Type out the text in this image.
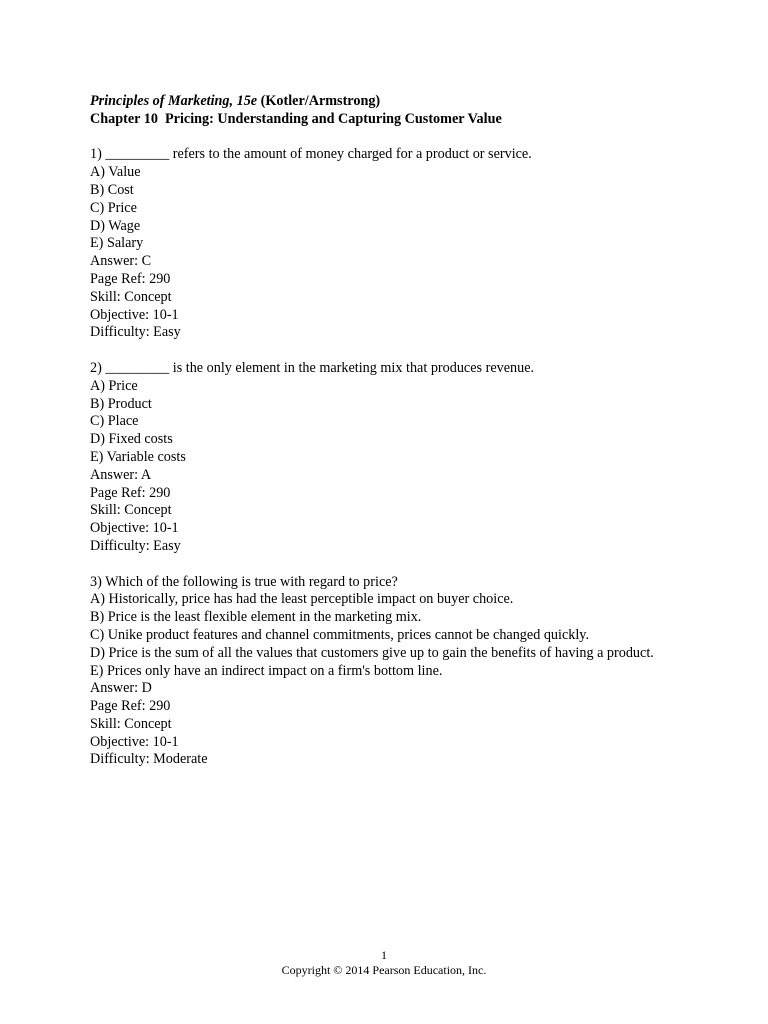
Principles of Marketing, 15e (Kotler/Armstrong)
Chapter 10 Pricing: Understanding and Capturing Customer Value
1) _________ refers to the amount of money charged for a product or service.
A) Value
B) Cost
C) Price
D) Wage
E) Salary
Answer: C
Page Ref: 290
Skill: Concept
Objective: 10-1
Difficulty: Easy
2) _________ is the only element in the marketing mix that produces revenue.
A) Price
B) Product
C) Place
D) Fixed costs
E) Variable costs
Answer: A
Page Ref: 290
Skill: Concept
Objective: 10-1
Difficulty: Easy
3) Which of the following is true with regard to price?
A) Historically, price has had the least perceptible impact on buyer choice.
B) Price is the least flexible element in the marketing mix.
C) Unike product features and channel commitments, prices cannot be changed quickly.
D) Price is the sum of all the values that customers give up to gain the benefits of having a product.
E) Prices only have an indirect impact on a firm's bottom line.
Answer: D
Page Ref: 290
Skill: Concept
Objective: 10-1
Difficulty: Moderate
1
Copyright © 2014 Pearson Education, Inc.
